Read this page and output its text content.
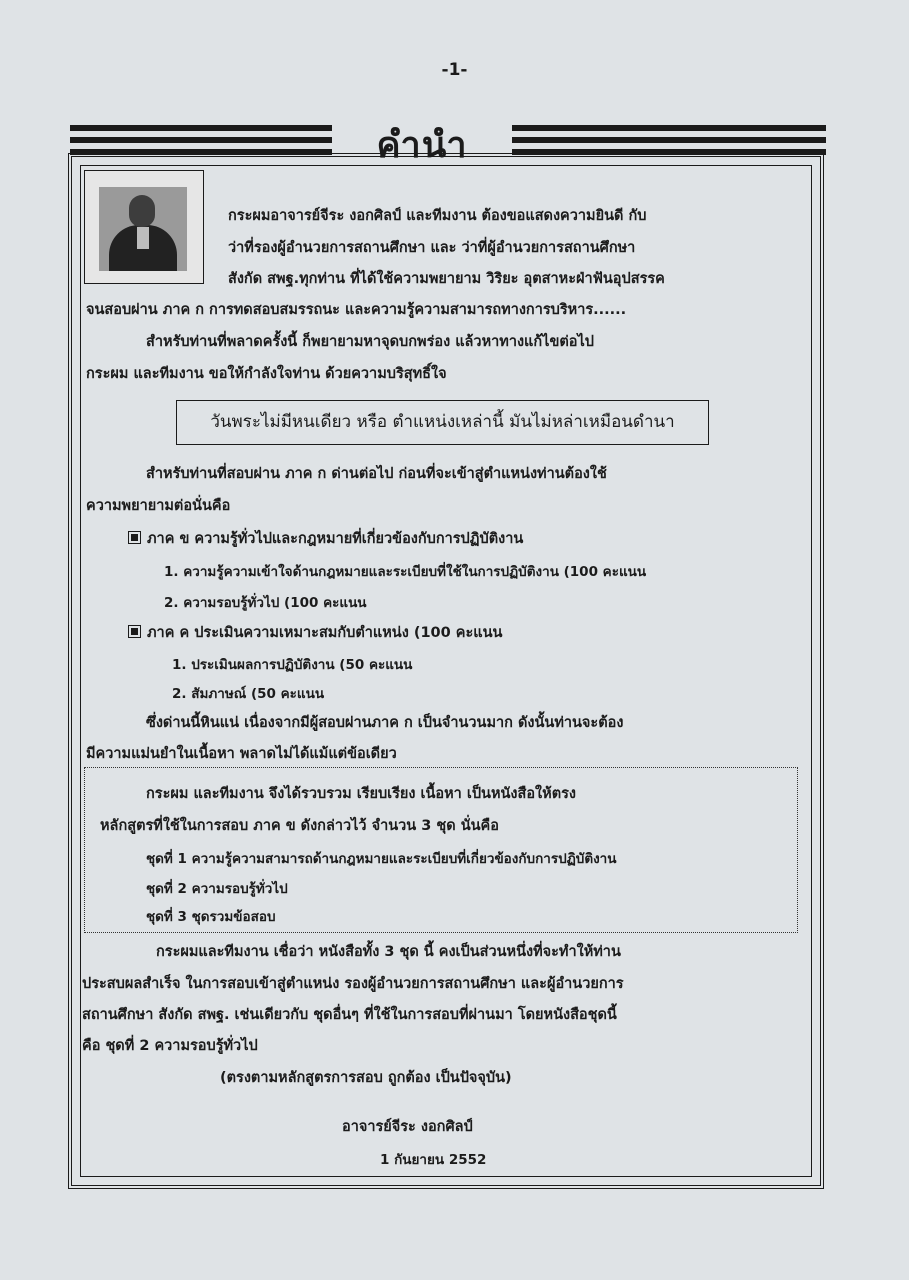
-1-
คำนำ
กระผมอาจารย์จีระ งอกศิลป์ และทีมงาน ต้องขอแสดงความยินดี กับ
ว่าที่รองผู้อำนวยการสถานศึกษา และ ว่าที่ผู้อำนวยการสถานศึกษา
สังกัด สพฐ.ทุกท่าน ที่ได้ใช้ความพยายาม วิริยะ อุตสาหะฝ่าฟันอุปสรรค
จนสอบผ่าน ภาค ก การทดสอบสมรรถนะ และความรู้ความสามารถทางการบริหาร......
สำหรับท่านที่พลาดครั้งนี้ ก็พยายามหาจุดบกพร่อง แล้วหาทางแก้ไขต่อไป
กระผม และทีมงาน ขอให้กำลังใจท่าน ด้วยความบริสุทธิ์ใจ
วันพระไม่มีหนเดียว หรือ ตำแหน่งเหล่านี้ มันไม่หล่าเหมือนดำนา
สำหรับท่านที่สอบผ่าน ภาค ก ด่านต่อไป ก่อนที่จะเข้าสู่ตำแหน่งท่านต้องใช้
ความพยายามต่อนั่นคือ
ภาค ข ความรู้ทั่วไปและกฎหมายที่เกี่ยวข้องกับการปฏิบัติงาน
1. ความรู้ความเข้าใจด้านกฎหมายและระเบียบที่ใช้ในการปฏิบัติงาน (100 คะแนน
2. ความรอบรู้ทั่วไป (100 คะแนน
ภาค ค ประเมินความเหมาะสมกับตำแหน่ง (100 คะแนน
1. ประเมินผลการปฏิบัติงาน (50 คะแนน
2. สัมภาษณ์ (50 คะแนน
ซึ่งด่านนี้หินแน่ เนื่องจากมีผู้สอบผ่านภาค ก เป็นจำนวนมาก ดังนั้นท่านจะต้อง
มีความแม่นยำในเนื้อหา พลาดไม่ได้แม้แต่ข้อเดียว
กระผม และทีมงาน จึงได้รวบรวม เรียบเรียง เนื้อหา เป็นหนังสือให้ตรง
หลักสูตรที่ใช้ในการสอบ ภาค ข ดังกล่าวไว้ จำนวน 3 ชุด นั่นคือ
ชุดที่ 1 ความรู้ความสามารถด้านกฎหมายและระเบียบที่เกี่ยวข้องกับการปฏิบัติงาน
ชุดที่ 2 ความรอบรู้ทั่วไป
ชุดที่ 3 ชุดรวมข้อสอบ
กระผมและทีมงาน เชื่อว่า หนังสือทั้ง 3 ชุด นี้ คงเป็นส่วนหนึ่งที่จะทำให้ท่าน
ประสบผลสำเร็จ ในการสอบเข้าสู่ตำแหน่ง รองผู้อำนวยการสถานศึกษา และผู้อำนวยการ
สถานศึกษา สังกัด สพฐ. เช่นเดียวกับ ชุดอื่นๆ ที่ใช้ในการสอบที่ผ่านมา โดยหนังสือชุดนี้
คือ ชุดที่ 2 ความรอบรู้ทั่วไป
(ตรงตามหลักสูตรการสอบ ถูกต้อง เป็นปัจจุบัน)
อาจารย์จีระ งอกศิลป์
1 กันยายน 2552
